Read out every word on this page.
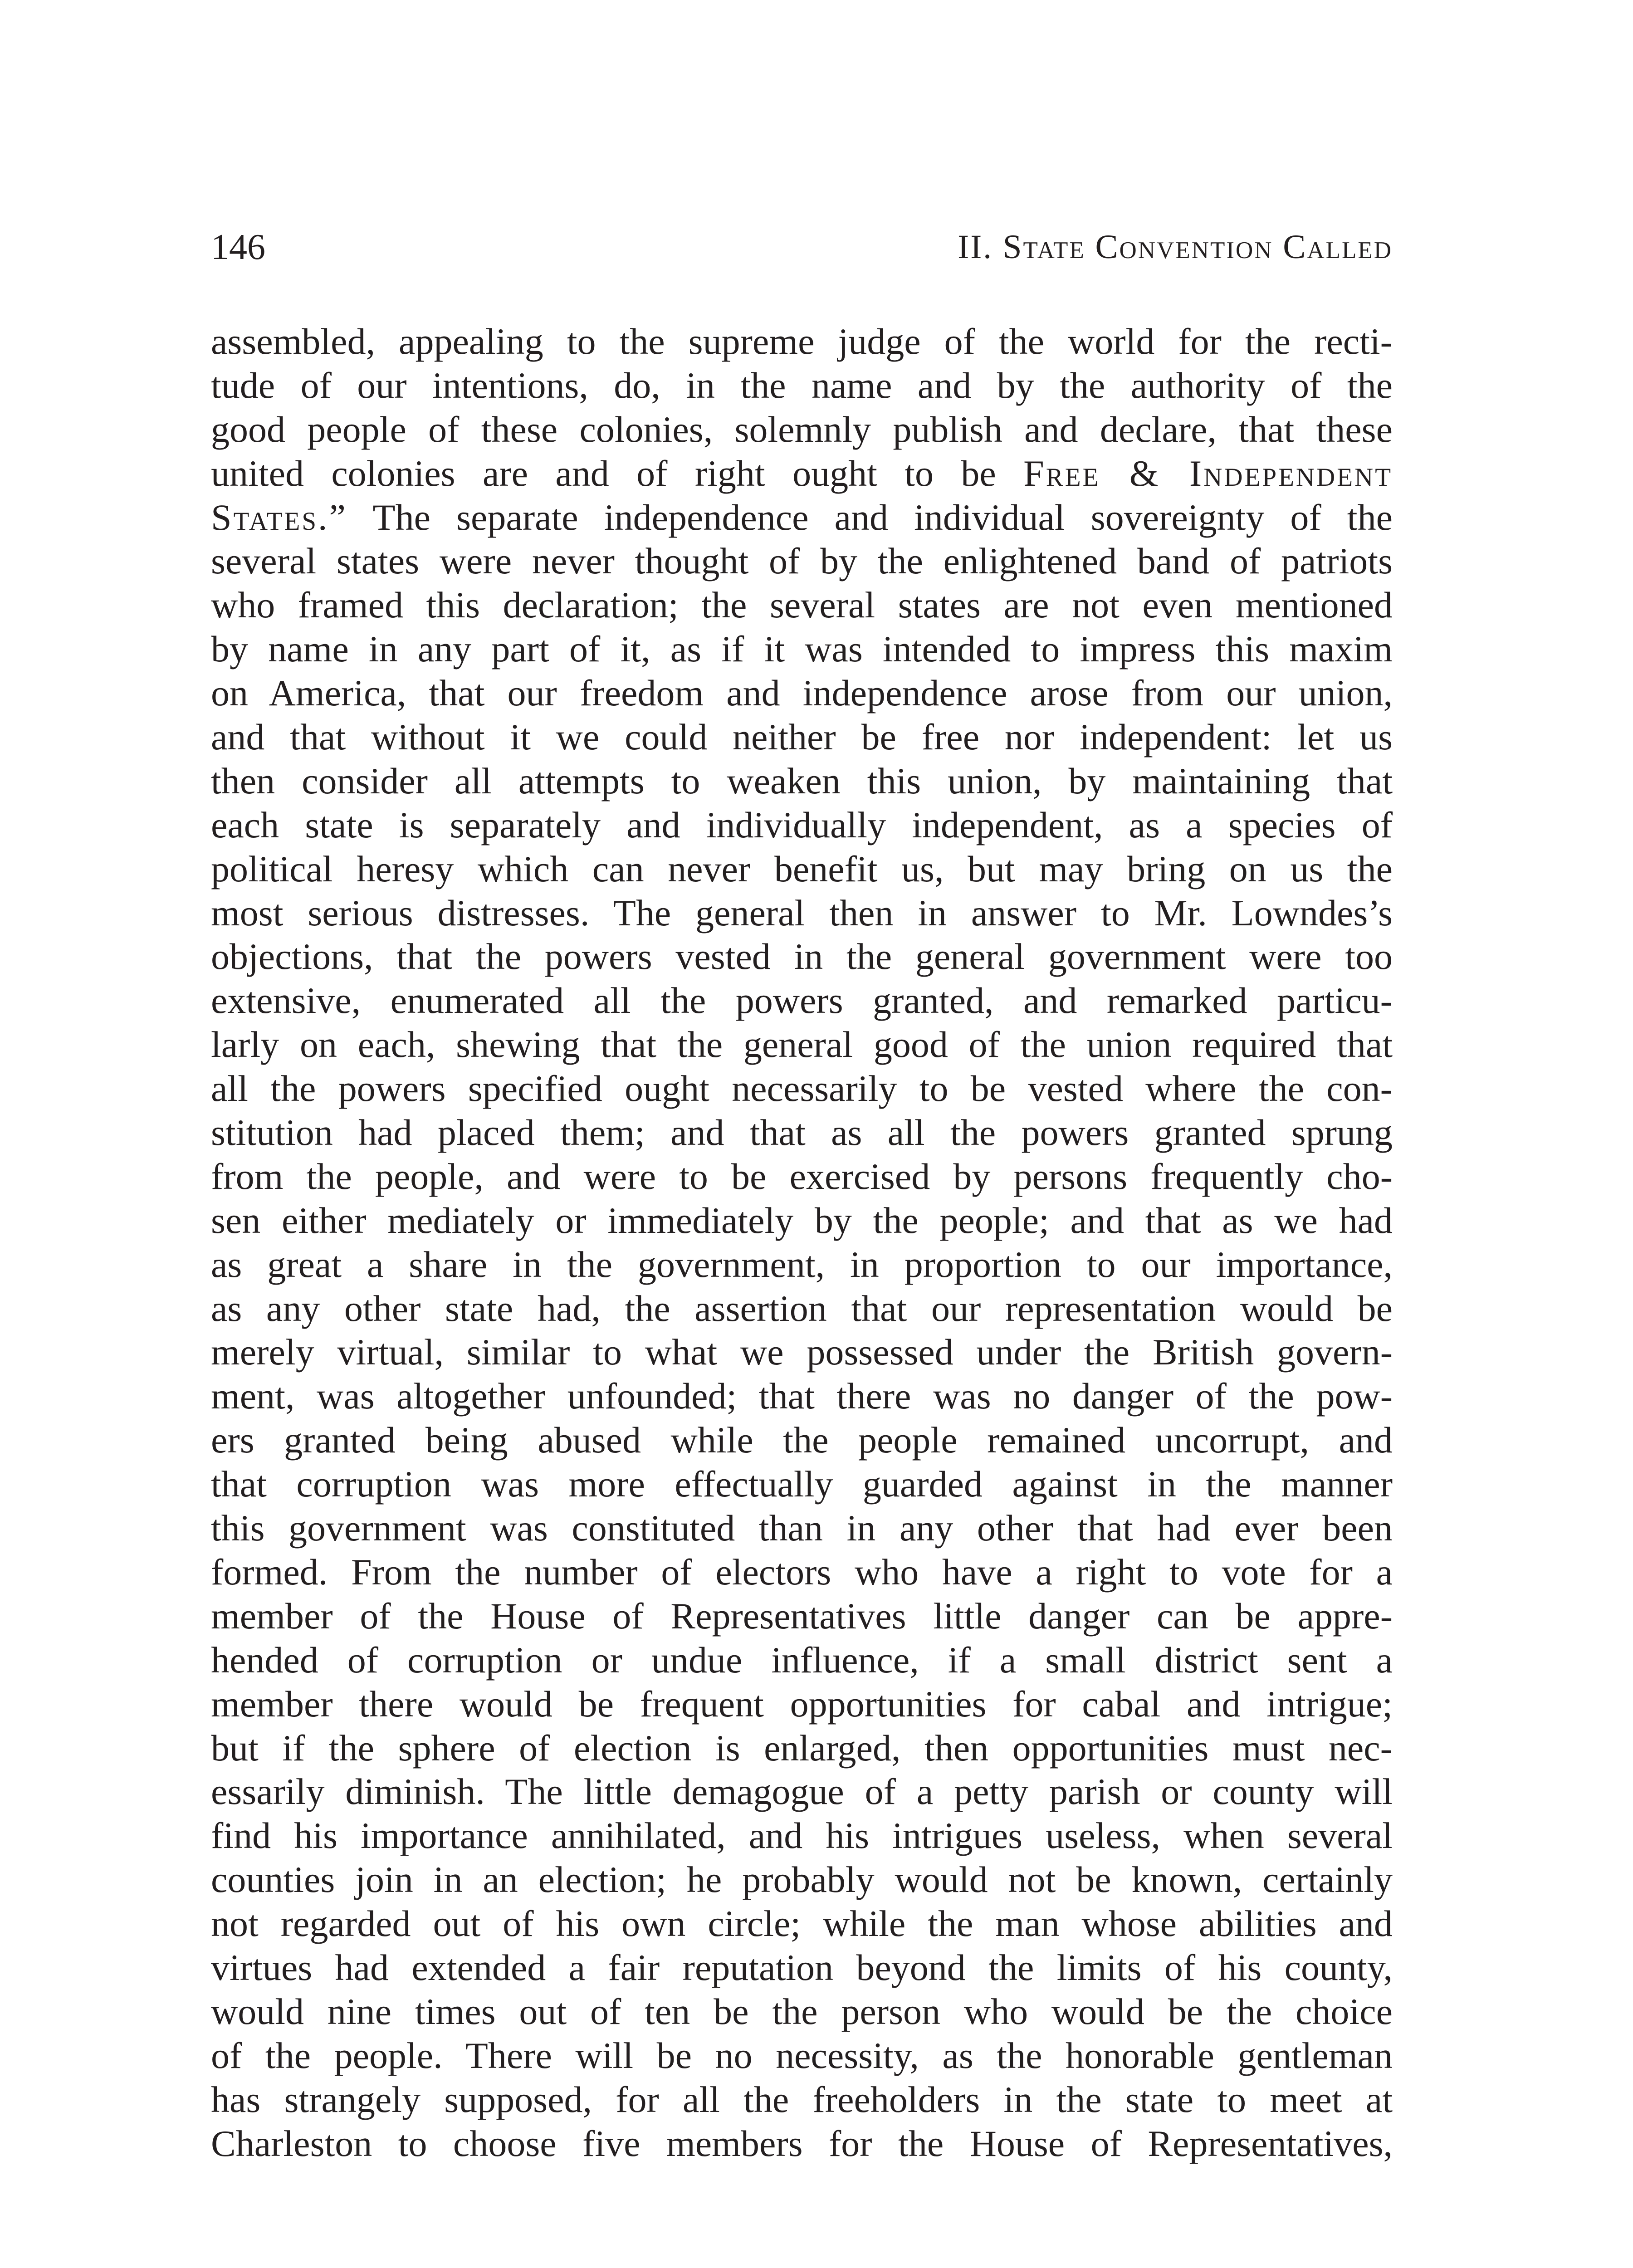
146	II. State Convention Called
assembled, appealing to the supreme judge of the world for the recti-
tude of our intentions, do, in the name and by the authority of the
good people of these colonies, solemnly publish and declare, that these
united colonies are and of right ought to be Free & Independent
States.” The separate independence and individual sovereignty of the
several states were never thought of by the enlightened band of patriots
who framed this declaration; the several states are not even mentioned
by name in any part of it, as if it was intended to impress this maxim
on America, that our freedom and independence arose from our union,
and that without it we could neither be free nor independent: let us
then consider all attempts to weaken this union, by maintaining that
each state is separately and individually independent, as a species of
political heresy which can never benefit us, but may bring on us the
most serious distresses. The general then in answer to Mr. Lowndes’s
objections, that the powers vested in the general government were too
extensive, enumerated all the powers granted, and remarked particu-
larly on each, shewing that the general good of the union required that
all the powers specified ought necessarily to be vested where the con-
stitution had placed them; and that as all the powers granted sprung
from the people, and were to be exercised by persons frequently cho-
sen either mediately or immediately by the people; and that as we had
as great a share in the government, in proportion to our importance,
as any other state had, the assertion that our representation would be
merely virtual, similar to what we possessed under the British govern-
ment, was altogether unfounded; that there was no danger of the pow-
ers granted being abused while the people remained uncorrupt, and
that corruption was more effectually guarded against in the manner
this government was constituted than in any other that had ever been
formed. From the number of electors who have a right to vote for a
member of the House of Representatives little danger can be appre-
hended of corruption or undue influence, if a small district sent a
member there would be frequent opportunities for cabal and intrigue;
but if the sphere of election is enlarged, then opportunities must nec-
essarily diminish. The little demagogue of a petty parish or county will
find his importance annihilated, and his intrigues useless, when several
counties join in an election; he probably would not be known, certainly
not regarded out of his own circle; while the man whose abilities and
virtues had extended a fair reputation beyond the limits of his county,
would nine times out of ten be the person who would be the choice
of the people. There will be no necessity, as the honorable gentleman
has strangely supposed, for all the freeholders in the state to meet at
Charleston to choose five members for the House of Representatives,
